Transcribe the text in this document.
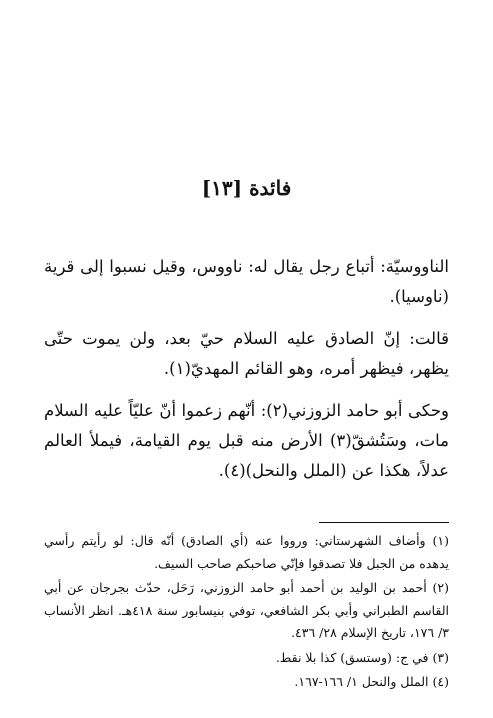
فائدة [١٣]

الناووسيّة: أتباع رجل يقال له: ناووس، وقيل نسبوا إلى قرية (ناوسيا).

قالت: إنّ الصادق عليه السلام حيّ بعد، ولن يموت حتّى يظهر، فيظهر أمره، وهو القائم المهديّ(١).

وحكى أبو حامد الزوزني(٢): أنّهم زعموا أنّ عليّاً عليه السلام مات، وسَتُشقّ(٣) الأرض منه قبل يوم القيامة، فيملأ العالم عدلاً، هكذا عن (الملل والنحل)(٤).

(١) وأضاف الشهرستاني: ورووا عنه (أي الصادق) أنّه قال: لو رأيتم رأسي يدهده من الجبل فلا تصدقوا فإنّي صاحبكم صاحب السيف.

(٢) أحمد بن الوليد بن أحمد أبو حامد الزوزني، رَحَل، حدّث بجرجان عن أبي القاسم الطبراني وأبي بكر الشافعي، توفي بنيسابور سنة ٤١٨هـ. انظر الأنساب ٣/ ١٧٦، تاريخ الإسلام ٢٨/ ٤٣٦.

(٣) في ج: (وستسق) كذا بلا نقط.

(٤) الملل والنحل ١/ ١٦٦-١٦٧.
